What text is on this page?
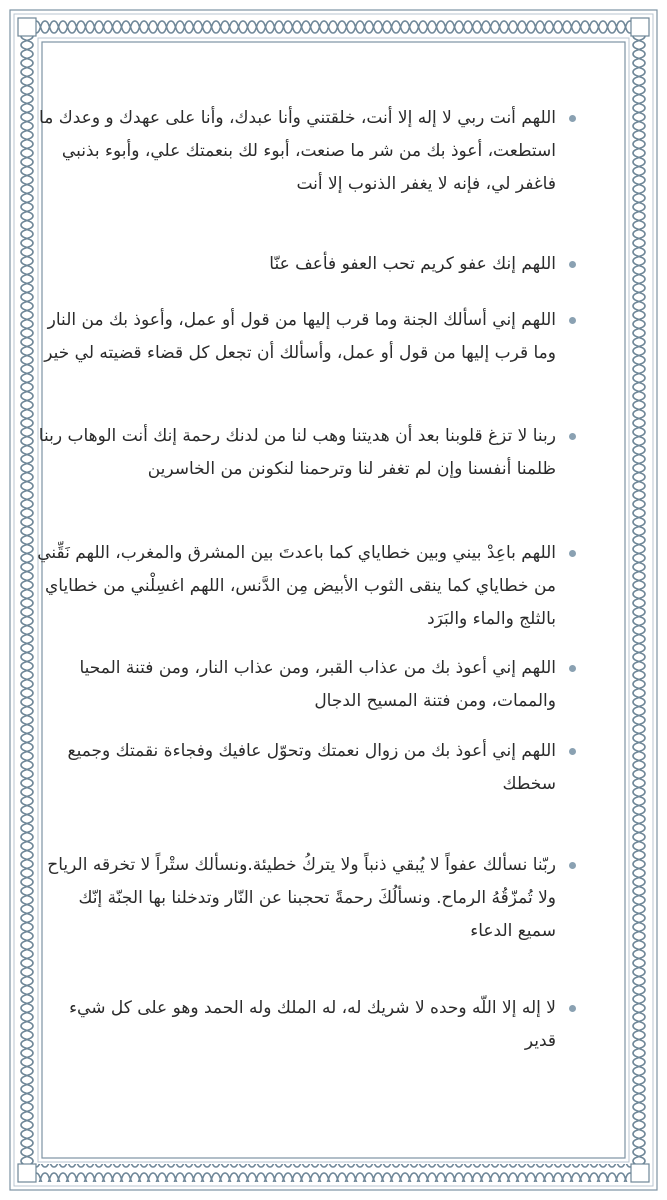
اللهم أنت ربي لا إله إلا أنت، خلقتني وأنا عبدك، وأنا على عهدك و وعدك ما استطعت، أعوذ بك من شر ما صنعت، أبوء لك بنعمتك علي، وأبوء بذنبي فاغفر لي، فإنه لا يغفر الذنوب إلا أنت
اللهم إنك عفو كريم تحب العفو فأعف عنّا
اللهم إني أسألك الجنة وما قرب إليها من قول أو عمل، وأعوذ بك من النار وما قرب إليها من قول أو عمل، وأسألك أن تجعل كل قضاء قضيته لي خير
ربنا لا تزغ قلوبنا بعد أن هديتنا وهب لنا من لدنك رحمة إنك أنت الوهاب ربنا ظلمنا أنفسنا وإن لم تغفر لنا وترحمنا لنكونن من الخاسرين
اللهم باعِدْ بيني وبين خطاياي كما باعدتَ بين المشرق والمغرب، اللهم نَقِّني من خطاياي كما ينقى الثوب الأبيض مِن الدَّنس، اللهم اغسِلْني من خطاياي بالثلج والماء والبَرَد
اللهم إني أعوذ بك من عذاب القبر، ومن عذاب النار، ومن فتنة المحيا والممات، ومن فتنة المسيح الدجال
اللهم إني أعوذ بك من زوال نعمتك وتحوّل عافيك وفجاءة نقمتك وجميع سخطك
ربّنا نسألك عفواً لا يُبقي ذنباً ولا يتركُ خطيئة.ونسألك ستْراً لا تخرقه الرياح ولا تُمزّقُهُ الرماح. ونسألُكَ رحمةً تحجبنا عن النّار وتدخلنا بها الجنّة إنّك سميع الدعاء
لا إله إلا اللّه وحده لا شريك له، له الملك وله الحمد وهو على كل شيء قدير
